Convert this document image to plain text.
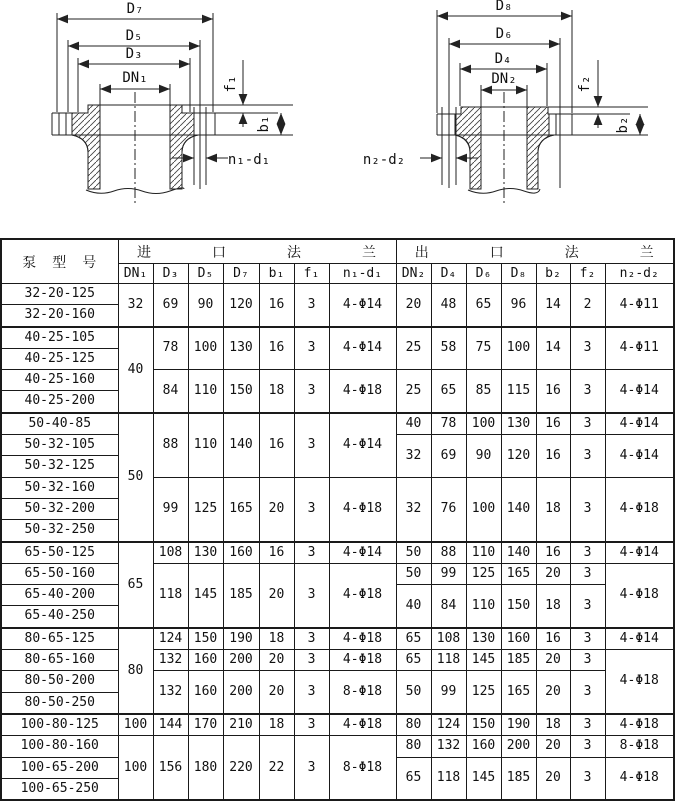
D₇
D₅
D₃
DN₁	f₁
b₁
n₁-d₁
D₈
D₆
D₄
DN₂	f₂
b₂
n₂-d₂
泵　型　号	进　　　　口　　　　法　　　　兰							出　　　　口　　　　法　　　　兰						
	DN₁	D₃	D₅	D₇	b₁	f₁	n₁-d₁	DN₂	D₄	D₆	D₈	b₂	f₂	n₂-d₂
32-20-125	32	69	90	120	16	3	4-Φ14	20	48	65	96	14	2	4-Φ11
32-20-160														
40-25-105	40	78	100	130	16	3	4-Φ14	25	58	75	100	14	3	4-Φ11
40-25-125														
40-25-160		84	110	150	18	3	4-Φ18	25	65	85	115	16	3	4-Φ14
40-25-200														
50-40-85	50	88	110	140	16	3	4-Φ14	40	78	100	130	16	3	4-Φ14
50-32-105								32	69	90	120	16	3	4-Φ14
50-32-125														
50-32-160		99	125	165	20	3	4-Φ18	32	76	100	140	18	3	4-Φ18
50-32-200														
50-32-250														
65-50-125	65	108	130	160	16	3	4-Φ14	50	88	110	140	16	3	4-Φ14
65-50-160		118	145	185	20	3	4-Φ18	50	99	125	165	20	3	4-Φ18
65-40-200								40	84	110	150	18	3	
65-40-250														
80-65-125	80	124	150	190	18	3	4-Φ18	65	108	130	160	16	3	4-Φ14
80-65-160		132	160	200	20	3	4-Φ18	65	118	145	185	20	3	4-Φ18
80-50-200		132	160	200	20	3	8-Φ18	50	99	125	165	20	3	
80-50-250														
100-80-125	100	144	170	210	18	3	4-Φ18	80	124	150	190	18	3	4-Φ18
100-80-160	100	156	180	220	22	3	8-Φ18	80	132	160	200	20	3	8-Φ18
100-65-200								65	118	145	185	20	3	4-Φ18
100-65-250														
